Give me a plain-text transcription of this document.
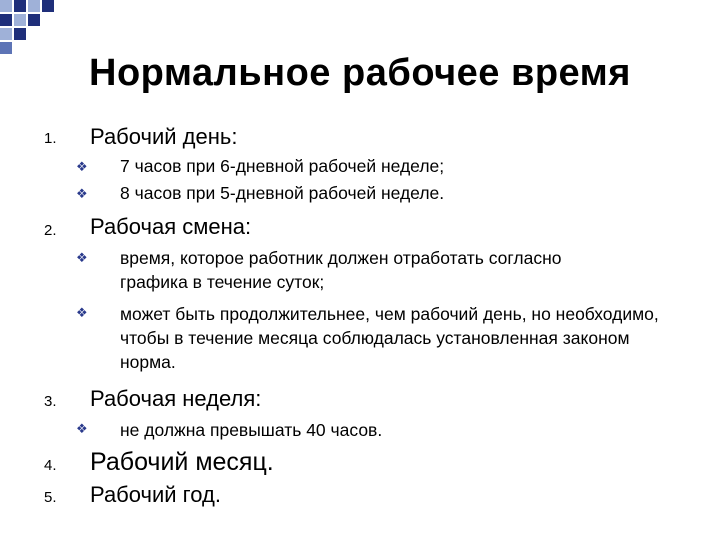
Нормальное рабочее время
1. Рабочий день:
❖ 7 часов при 6-дневной рабочей неделе;
❖ 8 часов при 5-дневной рабочей неделе.
2. Рабочая смена:
❖ время, которое работник должен отработать согласно графика в течение суток;
❖ может быть продолжительнее, чем рабочий день, но необходимо, чтобы в течение месяца соблюдалась установленная законом норма.
3. Рабочая неделя:
❖ не должна превышать 40 часов.
4. Рабочий месяц.
5. Рабочий год.
